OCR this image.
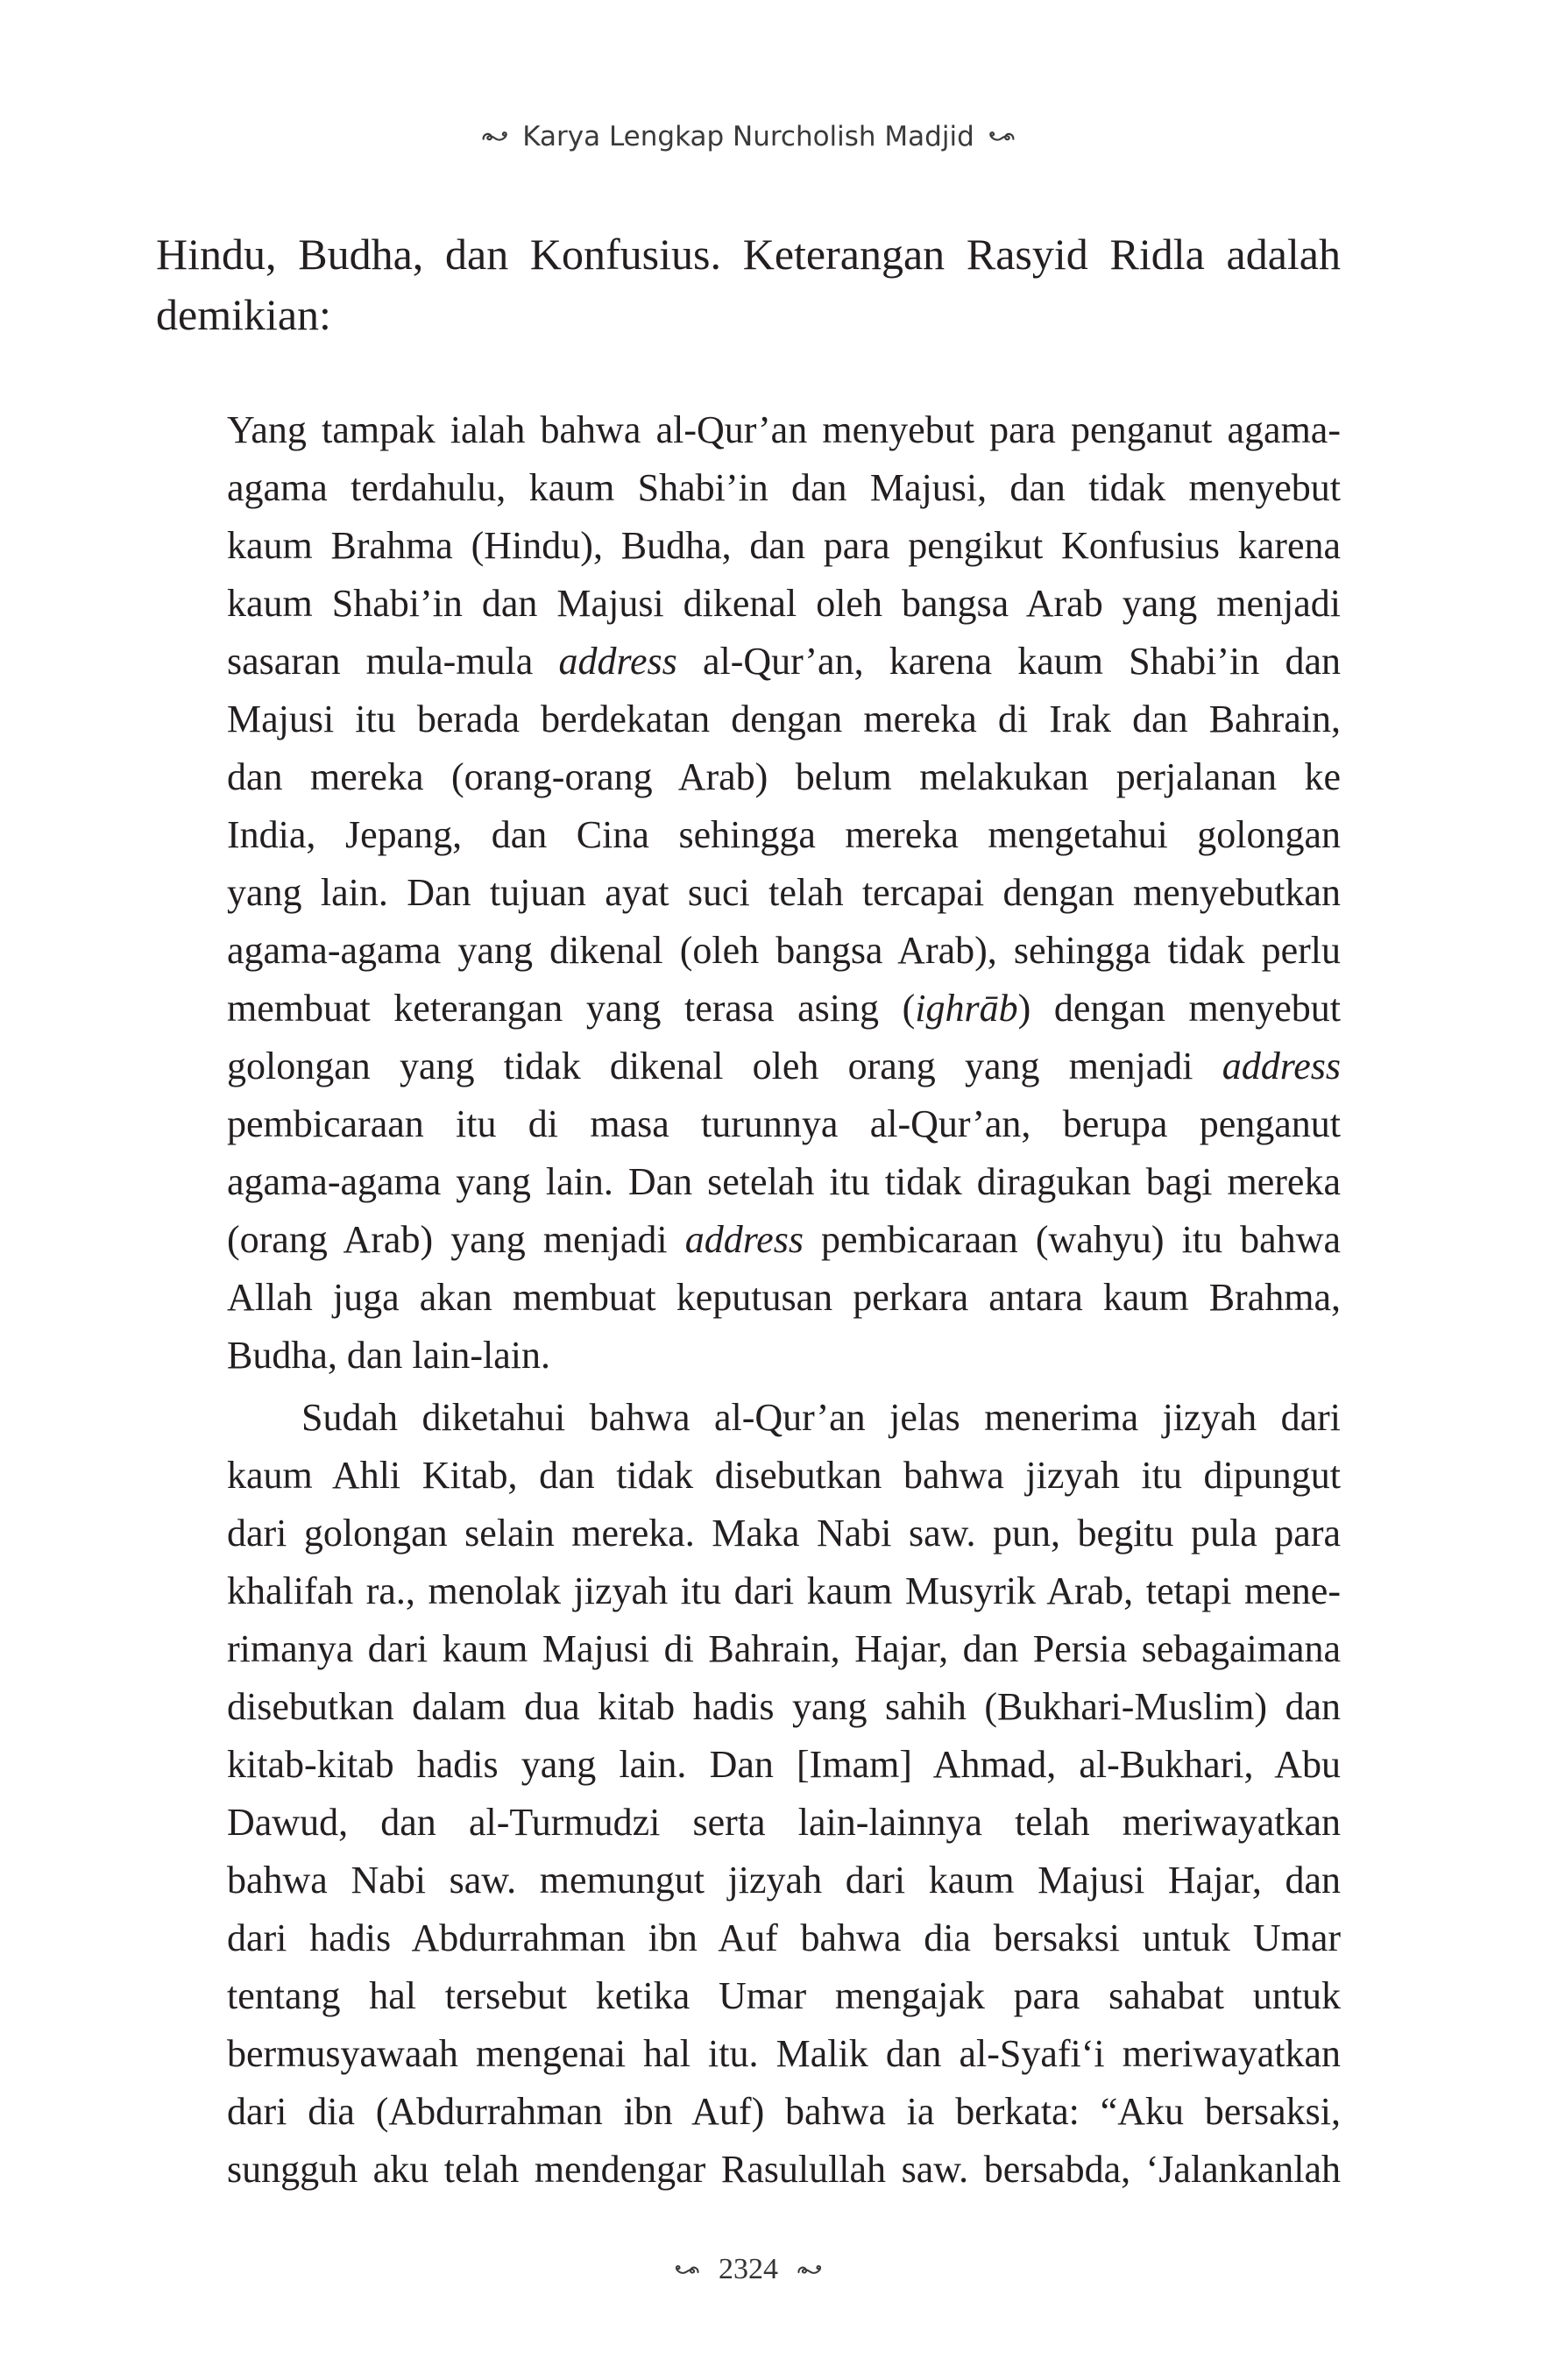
Karya Lengkap Nurcholish Madjid
Hindu, Budha, dan Konfusius. Keterangan Rasyid Ridla adalah
demikian:
Yang tampak ialah bahwa al-Qur’an menyebut para penganut agama-
agama terdahulu, kaum Shabi’in dan Majusi, dan tidak menyebut
kaum Brahma (Hindu), Budha, dan para pengikut Konfusius karena
kaum Shabi’in dan Majusi dikenal oleh bangsa Arab yang menjadi
sasaran mula-mula address al-Qur’an, karena kaum Shabi’in dan
Majusi itu berada berdekatan dengan mereka di Irak dan Bahrain,
dan mereka (orang-orang Arab) belum melakukan perjalanan ke
India, Jepang, dan Cina sehingga mereka mengetahui golongan
yang lain. Dan tujuan ayat suci telah tercapai dengan menyebutkan
agama-agama yang dikenal (oleh bangsa Arab), sehingga tidak perlu
membuat keterangan yang terasa asing (ighrāb) dengan menyebut
golongan yang tidak dikenal oleh orang yang menjadi address
pembicaraan itu di masa turunnya al-Qur’an, berupa penganut
agama-agama yang lain. Dan setelah itu tidak diragukan bagi mereka
(orang Arab) yang menjadi address pembicaraan (wahyu) itu bahwa
Allah juga akan membuat keputusan perkara antara kaum Brahma,
Budha, dan lain-lain.
Sudah diketahui bahwa al-Qur’an jelas menerima jizyah dari
kaum Ahli Kitab, dan tidak disebutkan bahwa jizyah itu dipungut
dari golongan selain mereka. Maka Nabi saw. pun, begitu pula para
khalifah ra., menolak jizyah itu dari kaum Musyrik Arab, tetapi mene-
rimanya dari kaum Majusi di Bahrain, Hajar, dan Persia sebagaimana
disebutkan dalam dua kitab hadis yang sahih (Bukhari-Muslim) dan
kitab-kitab hadis yang lain. Dan [Imam] Ahmad, al-Bukhari, Abu
Dawud, dan al-Turmudzi serta lain-lainnya telah meriwayatkan
bahwa Nabi saw. memungut jizyah dari kaum Majusi Hajar, dan
dari hadis Abdurrahman ibn Auf bahwa dia bersaksi untuk Umar
tentang hal tersebut ketika Umar mengajak para sahabat untuk
bermusyawaah mengenai hal itu. Malik dan al-Syafi‘i meriwayatkan
dari dia (Abdurrahman ibn Auf) bahwa ia berkata: “Aku bersaksi,
sungguh aku telah mendengar Rasulullah saw. bersabda, ‘Jalankanlah
2324
